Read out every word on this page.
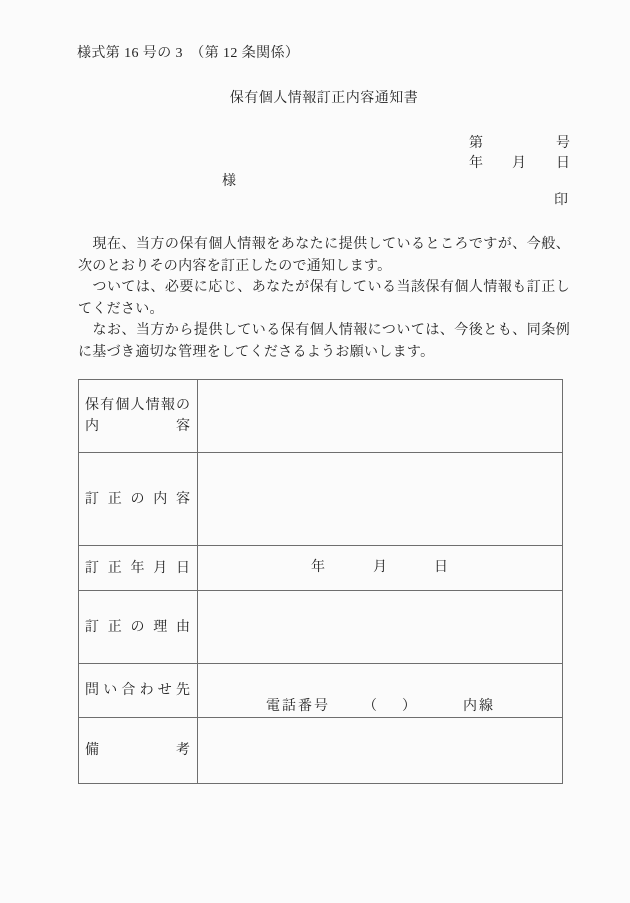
様式第 16 号の 3　（第 12 条関係）
保有個人情報訂正内容通知書
第	号
年 月 日
様
印

　現在、当方の保有個人情報をあなたに提供しているところですが、今般、次のとおりその内容を訂正したので通知します。

　ついては、必要に応じ、あなたが保有している当該保有個人情報も訂正してください。

　なお、当方から提供している保有個人情報については、今後とも、同条例に基づき適切な管理をしてくださるようお願いします。

保有個人情報の内容	

訂正の内容	

訂正年月日	年 月 日

訂正の理由	

問い合わせ先	電話番号 （ ） 内線

備考	
